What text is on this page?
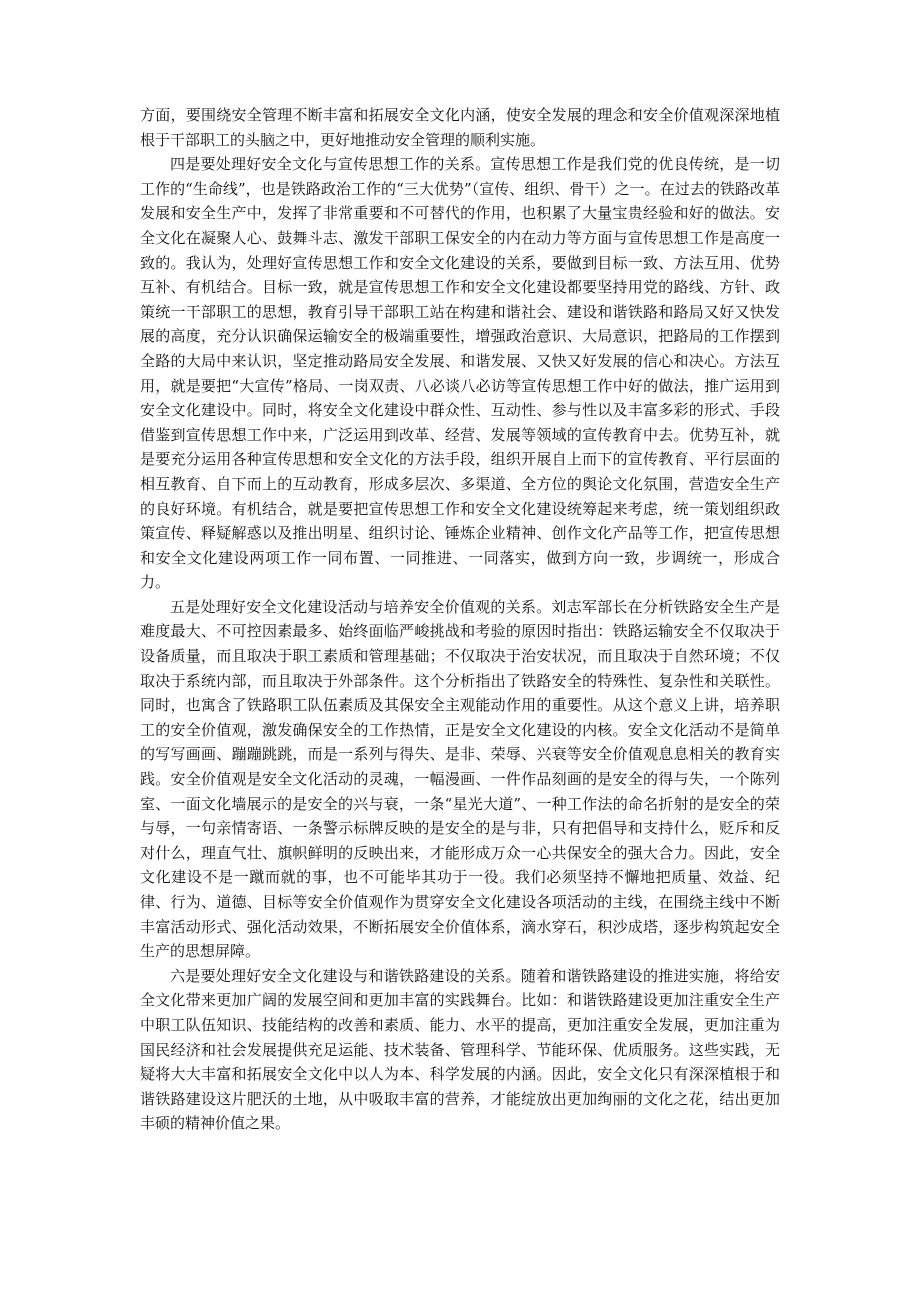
方面，要围绕安全管理不断丰富和拓展安全文化内涵，使安全发展的理念和安全价值观深深地植根于干部职工的头脑之中，更好地推动安全管理的顺利实施。

四是要处理好安全文化与宣传思想工作的关系。宣传思想工作是我们党的优良传统，是一切工作的“生命线”，也是铁路政治工作的“三大优势”（宣传、组织、骨干）之一。在过去的铁路改革发展和安全生产中，发挥了非常重要和不可替代的作用，也积累了大量宝贵经验和好的做法。安全文化在凝聚人心、鼓舞斗志、激发干部职工保安全的内在动力等方面与宣传思想工作是高度一致的。我认为，处理好宣传思想工作和安全文化建设的关系，要做到目标一致、方法互用、优势互补、有机结合。目标一致，就是宣传思想工作和安全文化建设都要坚持用党的路线、方针、政策统一干部职工的思想，教育引导干部职工站在构建和谐社会、建设和谐铁路和路局又好又快发展的高度，充分认识确保运输安全的极端重要性，增强政治意识、大局意识，把路局的工作摆到全路的大局中来认识，坚定推动路局安全发展、和谐发展、又快又好发展的信心和决心。方法互用，就是要把“大宣传”格局、一岗双责、八必谈八必访等宣传思想工作中好的做法，推广运用到安全文化建设中。同时，将安全文化建设中群众性、互动性、参与性以及丰富多彩的形式、手段借鉴到宣传思想工作中来，广泛运用到改革、经营、发展等领域的宣传教育中去。优势互补，就是要充分运用各种宣传思想和安全文化的方法手段，组织开展自上而下的宣传教育、平行层面的相互教育、自下而上的互动教育，形成多层次、多渠道、全方位的舆论文化氛围，营造安全生产的良好环境。有机结合，就是要把宣传思想工作和安全文化建设统筹起来考虑，统一策划组织政策宣传、释疑解惑以及推出明星、组织讨论、锤炼企业精神、创作文化产品等工作，把宣传思想和安全文化建设两项工作一同布置、一同推进、一同落实，做到方向一致，步调统一，形成合力。

五是处理好安全文化建设活动与培养安全价值观的关系。刘志军部长在分析铁路安全生产是难度最大、不可控因素最多、始终面临严峻挑战和考验的原因时指出：铁路运输安全不仅取决于设备质量，而且取决于职工素质和管理基础；不仅取决于治安状况，而且取决于自然环境；不仅取决于系统内部，而且取决于外部条件。这个分析指出了铁路安全的特殊性、复杂性和关联性。同时，也寓含了铁路职工队伍素质及其保安全主观能动作用的重要性。从这个意义上讲，培养职工的安全价值观，激发确保安全的工作热情，正是安全文化建设的内核。安全文化活动不是简单的写写画画、蹦蹦跳跳，而是一系列与得失、是非、荣辱、兴衰等安全价值观息息相关的教育实践。安全价值观是安全文化活动的灵魂，一幅漫画、一件作品刻画的是安全的得与失，一个陈列室、一面文化墙展示的是安全的兴与衰，一条“星光大道”、一种工作法的命名折射的是安全的荣与辱，一句亲情寄语、一条警示标牌反映的是安全的是与非，只有把倡导和支持什么，贬斥和反对什么，理直气壮、旗帜鲜明的反映出来，才能形成万众一心共保安全的强大合力。因此，安全文化建设不是一蹴而就的事，也不可能毕其功于一役。我们必须坚持不懈地把质量、效益、纪律、行为、道德、目标等安全价值观作为贯穿安全文化建设各项活动的主线，在围绕主线中不断丰富活动形式、强化活动效果，不断拓展安全价值体系，滴水穿石，积沙成塔，逐步构筑起安全生产的思想屏障。

六是要处理好安全文化建设与和谐铁路建设的关系。随着和谐铁路建设的推进实施，将给安全文化带来更加广阔的发展空间和更加丰富的实践舞台。比如：和谐铁路建设更加注重安全生产中职工队伍知识、技能结构的改善和素质、能力、水平的提高，更加注重安全发展，更加注重为国民经济和社会发展提供充足运能、技术装备、管理科学、节能环保、优质服务。这些实践，无疑将大大丰富和拓展安全文化中以人为本、科学发展的内涵。因此，安全文化只有深深植根于和谐铁路建设这片肥沃的土地，从中吸取丰富的营养，才能绽放出更加绚丽的文化之花，结出更加丰硕的精神价值之果。
